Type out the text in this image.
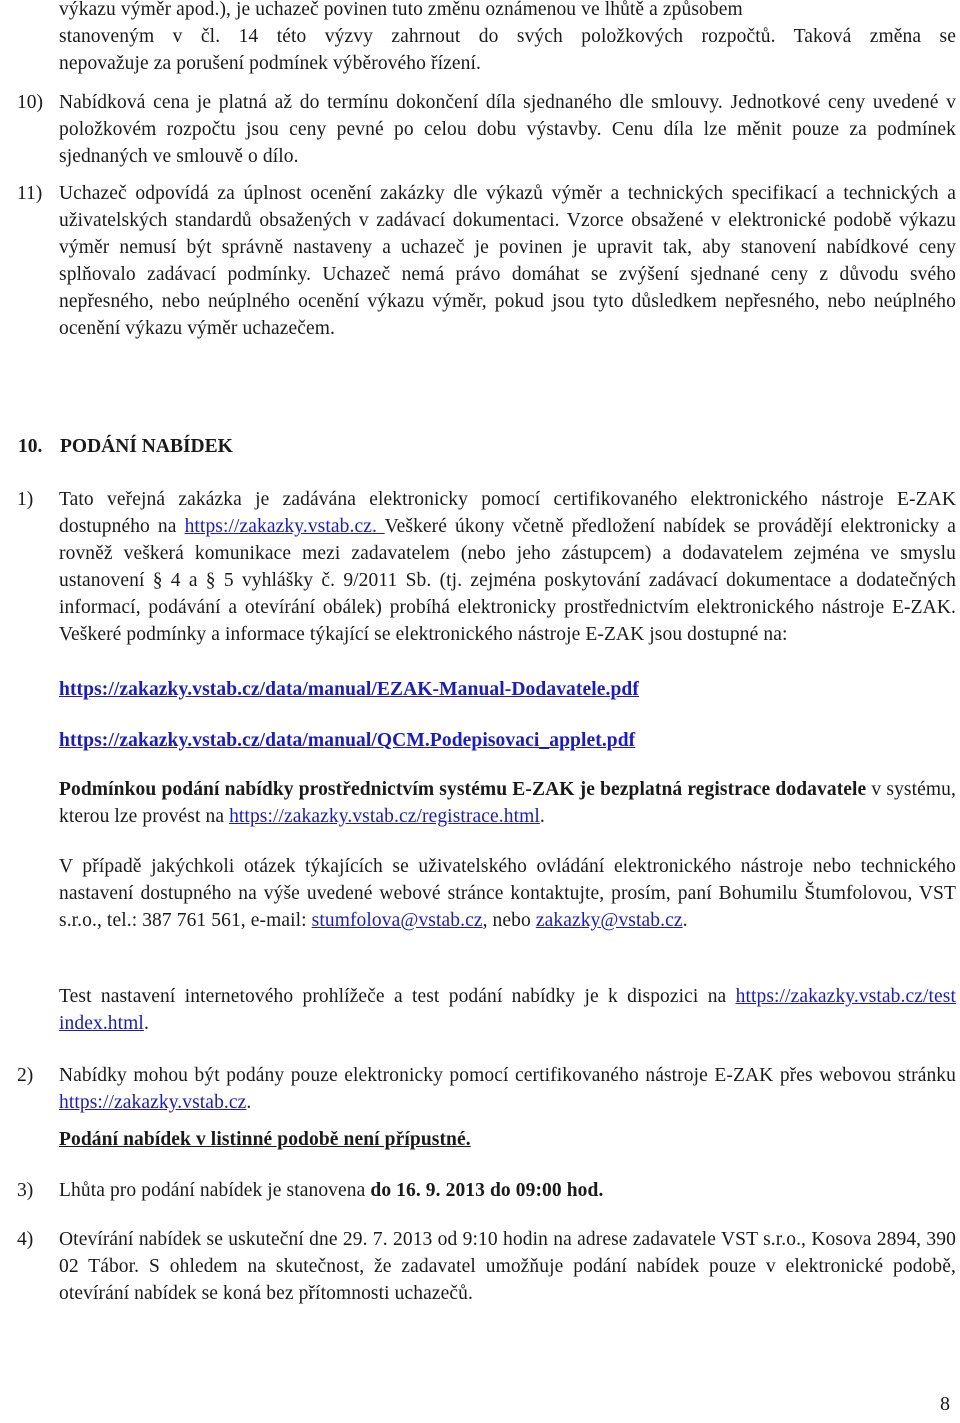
výkazu výměr apod.), je uchazeč povinen tuto změnu oznámenou ve lhůtě a způsobem

stanoveným v čl. 14 této výzvy zahrnout do svých položkových rozpočtů. Taková změna se

nepovažuje za porušení podmínek výběrového řízení.

10) Nabídková cena je platná až do termínu dokončení díla sjednaného dle smlouvy. Jednotkové ceny uvedené v položkovém rozpočtu jsou ceny pevné po celou dobu výstavby. Cenu díla lze měnit pouze za podmínek sjednaných ve smlouvě o dílo.

11) Uchazeč odpovídá za úplnost ocenění zakázky dle výkazů výměr a technických specifikací a technických a uživatelských standardů obsažených v zadávací dokumentaci. Vzorce obsažené v elektronické podobě výkazu výměr nemusí být správně nastaveny a uchazeč je povinen je upravit tak, aby stanovení nabídkové ceny splňovalo zadávací podmínky. Uchazeč nemá právo domáhat se zvýšení sjednané ceny z důvodu svého nepřesného, nebo neúplného ocenění výkazu výměr, pokud jsou tyto důsledkem nepřesného, nebo neúplného ocenění výkazu výměr uchazečem.

10. PODÁNÍ NABÍDEK
1) Tato veřejná zakázka je zadávána elektronicky pomocí certifikovaného elektronického nástroje E-ZAK dostupného na https://zakazky.vstab.cz. Veškeré úkony včetně předložení nabídek se provádějí elektronicky a rovněž veškerá komunikace mezi zadavatelem (nebo jeho zástupcem) a dodavatelem zejména ve smyslu ustanovení § 4 a § 5 vyhlášky č. 9/2011 Sb. (tj. zejména poskytování zadávací dokumentace a dodatečných informací, podávání a otevírání obálek) probíhá elektronicky prostřednictvím elektronického nástroje E-ZAK. Veškeré podmínky a informace týkající se elektronického nástroje E-ZAK jsou dostupné na:

https://zakazky.vstab.cz/data/manual/EZAK-Manual-Dodavatele.pdf

https://zakazky.vstab.cz/data/manual/QCM.Podepisovaci_applet.pdf

Podmínkou podání nabídky prostřednictvím systému E-ZAK je bezplatná registrace dodavatele v systému, kterou lze provést na https://zakazky.vstab.cz/registrace.html.

V případě jakýchkoli otázek týkajících se uživatelského ovládání elektronického nástroje nebo technického nastavení dostupného na výše uvedené webové stránce kontaktujte, prosím, paní Bohumilu Štumfolovou, VST s.r.o., tel.: 387 761 561, e-mail: stumfolova@vstab.cz, nebo zakazky@vstab.cz.

Test nastavení internetového prohlížeče a test podání nabídky je k dispozici na https://zakazky.vstab.cz/test index.html.

2) Nabídky mohou být podány pouze elektronicky pomocí certifikovaného nástroje E-ZAK přes webovou stránku https://zakazky.vstab.cz.

Podání nabídek v listinné podobě není přípustné.

3) Lhůta pro podání nabídek je stanovena do 16. 9. 2013 do 09:00 hod.

4) Otevírání nabídek se uskuteční dne 29. 7. 2013 od 9:10 hodin na adrese zadavatele VST s.r.o., Kosova 2894, 390 02 Tábor. S ohledem na skutečnost, že zadavatel umožňuje podání nabídek pouze v elektronické podobě, otevírání nabídek se koná bez přítomnosti uchazečů.

8
